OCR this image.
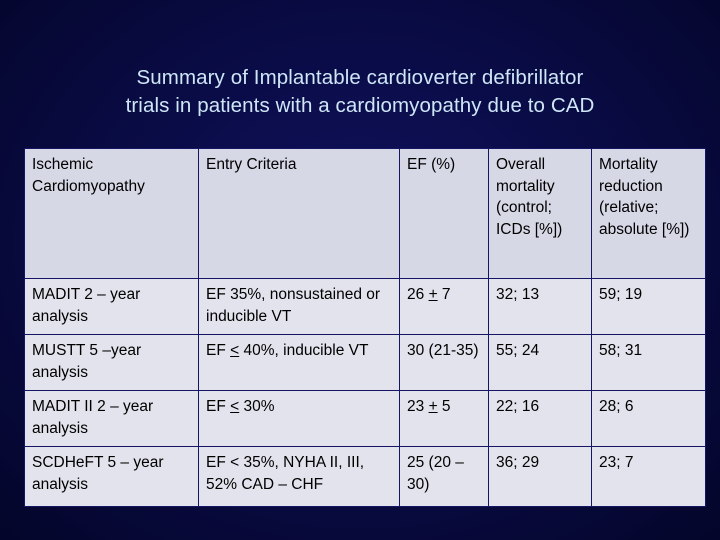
Summary of Implantable cardioverter defibrillator
trials in patients with a cardiomyopathy due to CAD
Ischemic Cardiomyopathy	Entry Criteria	EF (%)	Overall mortality (control; ICDs [%])	Mortality reduction (relative; absolute [%])
MADIT 2 – year analysis	EF 35%, nonsustained or inducible VT	26 + 7	32; 13	59; 19
MUSTT 5 –year analysis	EF ≤ 40%, inducible VT	30 (21-35)	55; 24	58; 31
MADIT II 2 – year analysis	EF ≤ 30%	23 + 5	22; 16	28; 6
SCDHeFT 5 – year analysis	EF < 35%, NYHA II, III, 52% CAD – CHF	25 (20 – 30)	36; 29	23; 7
